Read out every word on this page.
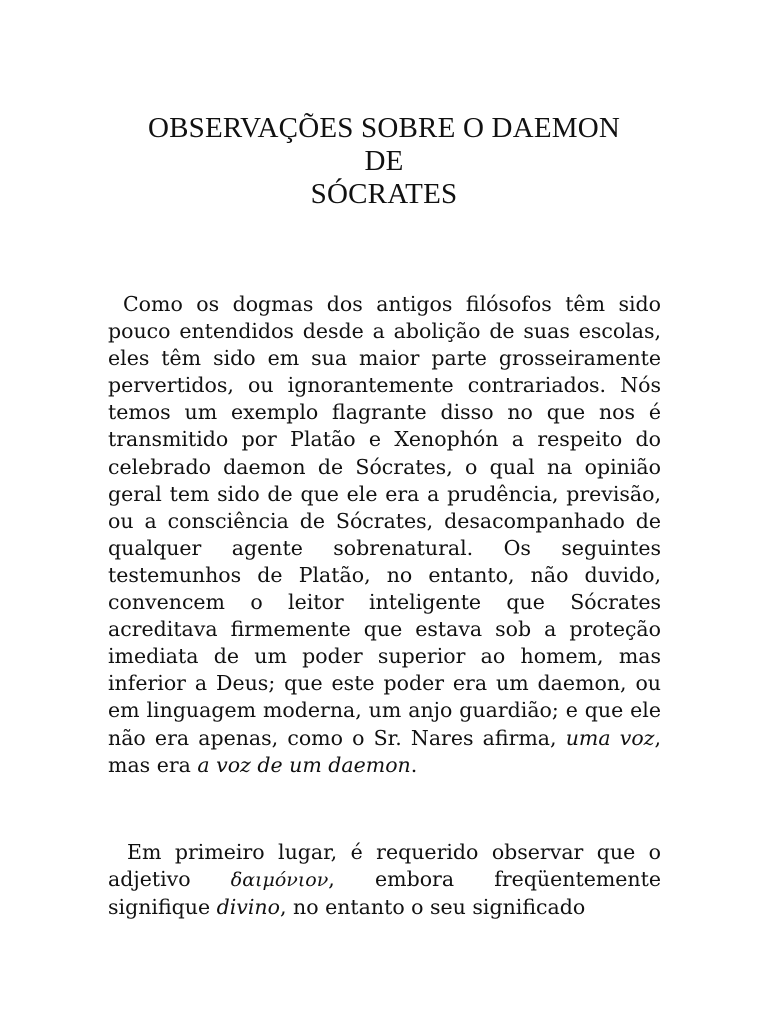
OBSERVAÇÕES SOBRE O DAEMON
DE
SÓCRATES

Como os dogmas dos antigos filósofos têm sido pouco entendidos desde a abolição de suas escolas, eles têm sido em sua maior parte grosseiramente pervertidos, ou ignorantemente contrariados. Nós temos um exemplo flagrante disso no que nos é transmitido por Platão e Xenophón a respeito do celebrado daemon de Sócrates, o qual na opinião geral tem sido de que ele era a prudência, previsão, ou a consciência de Sócrates, desacompanhado de qualquer agente sobrenatural. Os seguintes testemunhos de Platão, no entanto, não duvido, convencem o leitor inteligente que Sócrates acreditava firmemente que estava sob a proteção imediata de um poder superior ao homem, mas inferior a Deus; que este poder era um daemon, ou em linguagem moderna, um anjo guardião; e que ele não era apenas, como o Sr. Nares afirma, uma voz, mas era a voz de um daemon.

Em primeiro lugar, é requerido observar que o adjetivo δαιμόνιον, embora freqüentemente signifique divino, no entanto o seu significado
